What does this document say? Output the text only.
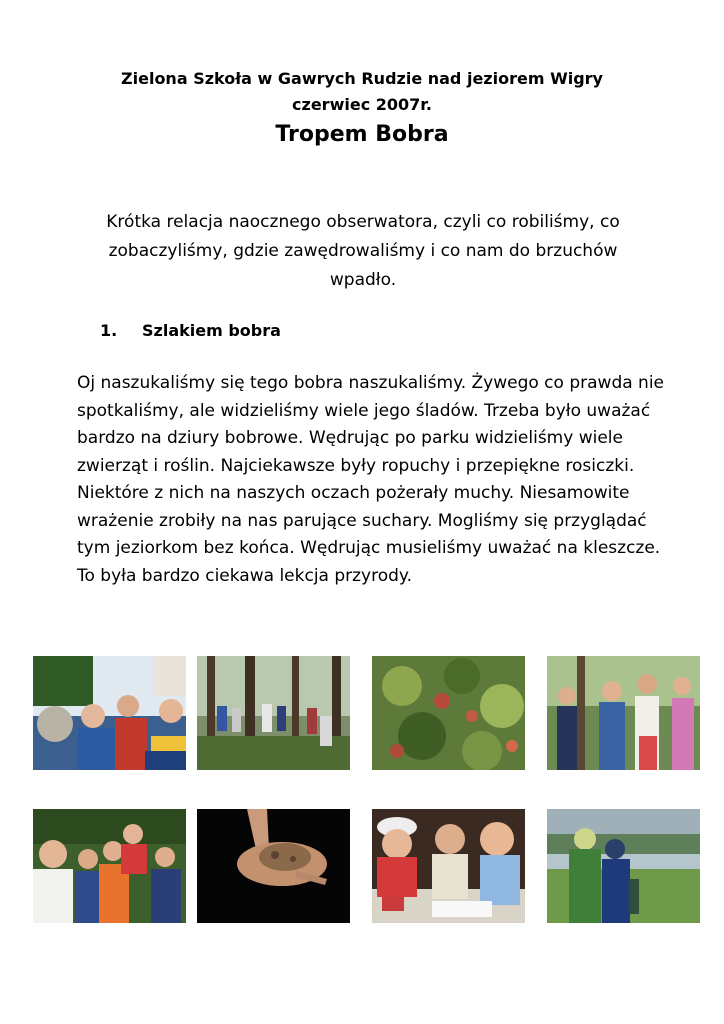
Zielona Szkoła w Gawrych Rudzie nad jeziorem Wigry
czerwiec 2007r.
Tropem Bobra
Krótka relacja naocznego obserwatora, czyli co robiliśmy, co zobaczyliśmy, gdzie zawędrowaliśmy i co nam do brzuchów wpadło.
1. Szlakiem bobra
Oj naszukaliśmy się tego bobra naszukaliśmy. Żywego co prawda nie spotkaliśmy, ale widzieliśmy wiele jego śladów. Trzeba było uważać bardzo na dziury bobrowe. Wędrując po parku widzieliśmy wiele zwierząt i roślin. Najciekawsze były ropuchy i przepiękne rosiczki. Niektóre z nich na naszych oczach pożerały muchy. Niesamowite wrażenie zrobiły na nas parujące suchary. Mogliśmy się przyglądać tym jeziorkom bez końca. Wędrując musieliśmy uważać na kleszcze. To była bardzo ciekawa lekcja przyrody.
